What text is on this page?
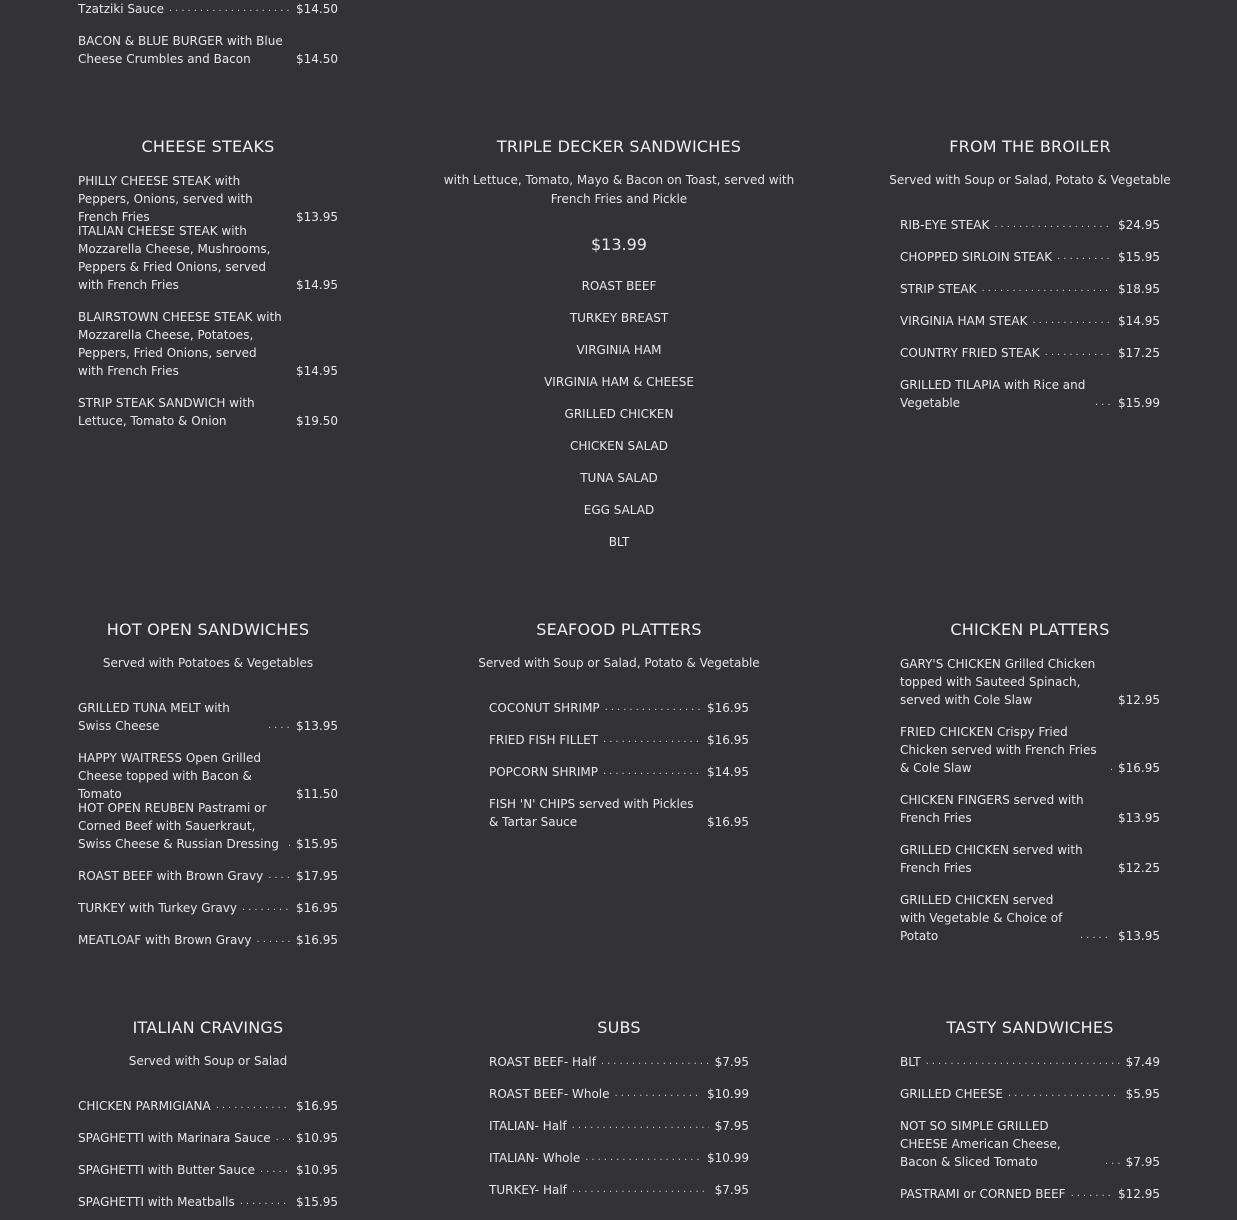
Tzatziki Sauce .....	$14.50
BACON & BLUE BURGER with Blue Cheese Crumbles and Bacon	$14.50
CHEESE STEAKS
PHILLY CHEESE STEAK with Peppers, Onions, served with French Fries	$13.95
ITALIAN CHEESE STEAK with Mozzarella Cheese, Mushrooms, Peppers & Fried Onions, served with French Fries	$14.95
BLAIRSTOWN CHEESE STEAK with Mozzarella Cheese, Potatoes, Peppers, Fried Onions, served with French Fries	$14.95
STRIP STEAK SANDWICH with Lettuce, Tomato & Onion	$19.50
TRIPLE DECKER SANDWICHES
with Lettuce, Tomato, Mayo & Bacon on Toast, served with French Fries and Pickle
$13.99
ROAST BEEF
TURKEY BREAST
VIRGINIA HAM
VIRGINIA HAM & CHEESE
GRILLED CHICKEN
CHICKEN SALAD
TUNA SALAD
EGG SALAD
BLT
FROM THE BROILER
Served with Soup or Salad, Potato & Vegetable
RIB-EYE STEAK .....	$24.95
CHOPPED SIRLOIN STEAK .....	$15.95
STRIP STEAK .....	$18.95
VIRGINIA HAM STEAK .....	$14.95
COUNTRY FRIED STEAK .....	$17.25
GRILLED TILAPIA with Rice and Vegetable .....	$15.99
HOT OPEN SANDWICHES
Served with Potatoes & Vegetables
GRILLED TUNA MELT with Swiss Cheese .....	$13.95
HAPPY WAITRESS Open Grilled Cheese topped with Bacon & Tomato	$11.50
HOT OPEN REUBEN Pastrami or Corned Beef with Sauerkraut, Swiss Cheese & Russian Dressing .....	$15.95
ROAST BEEF with Brown Gravy .....	$17.95
TURKEY with Turkey Gravy .....	$16.95
MEATLOAF with Brown Gravy .....	$16.95
SEAFOOD PLATTERS
Served with Soup or Salad, Potato & Vegetable
COCONUT SHRIMP .....	$16.95
FRIED FISH FILLET .....	$16.95
POPCORN SHRIMP .....	$14.95
FISH 'N' CHIPS served with Pickles & Tartar Sauce	$16.95
CHICKEN PLATTERS
GARY'S CHICKEN Grilled Chicken topped with Sauteed Spinach, served with Cole Slaw	$12.95
FRIED CHICKEN Crispy Fried Chicken served with French Fries & Cole Slaw .....	$16.95
CHICKEN FINGERS served with French Fries	$13.95
GRILLED CHICKEN served with French Fries	$12.25
GRILLED CHICKEN served with Vegetable & Choice of Potato .....	$13.95
ITALIAN CRAVINGS
Served with Soup or Salad
CHICKEN PARMIGIANA .....	$16.95
SPAGHETTI with Marinara Sauce ..... $10.95
SPAGHETTI with Butter Sauce .....	$10.95
SPAGHETTI with Meatballs .....	$15.95
SUBS
ROAST BEEF- Half .....	$7.95
ROAST BEEF- Whole .....	$10.99
ITALIAN- Half .....	$7.95
ITALIAN- Whole .....	$10.99
TURKEY- Half .....	$7.95
TASTY SANDWICHES
BLT .....	$7.49
GRILLED CHEESE .....	$5.95
NOT SO SIMPLE GRILLED CHEESE American Cheese, Bacon & Sliced Tomato .....	$7.95
PASTRAMI or CORNED BEEF .....	$12.95
